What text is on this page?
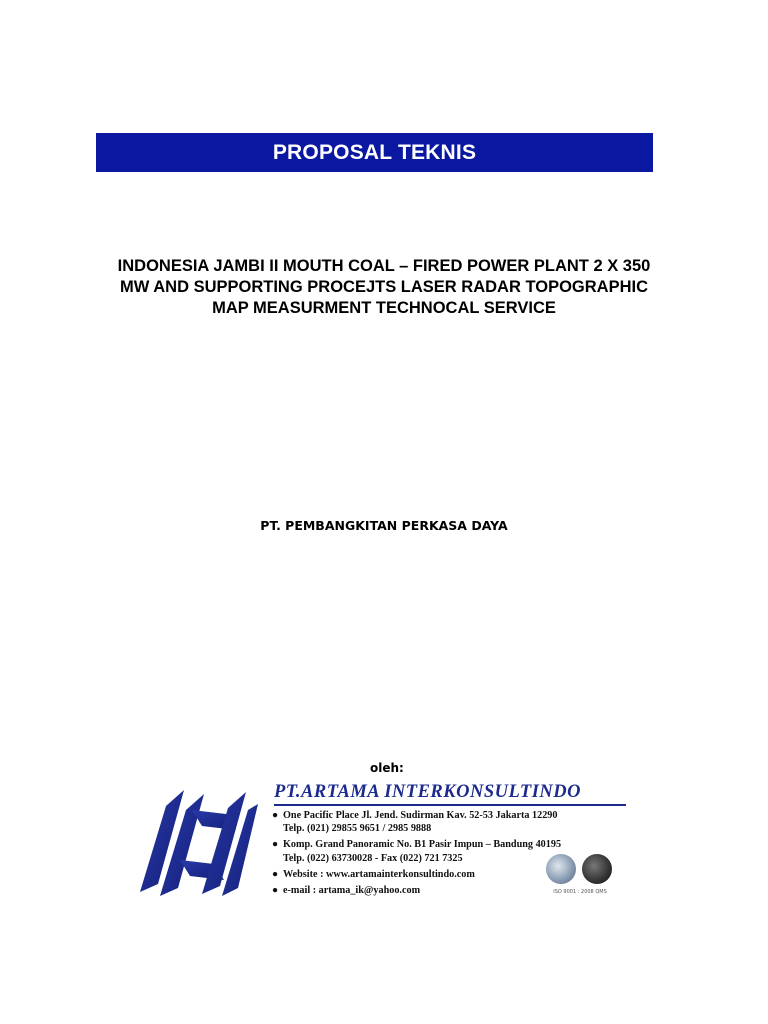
PROPOSAL TEKNIS
INDONESIA JAMBI II MOUTH COAL – FIRED POWER PLANT 2 X 350
MW AND SUPPORTING PROCEJTS LASER RADAR TOPOGRAPHIC
MAP MEASURMENT TECHNOCAL SERVICE
PT. PEMBANGKITAN PERKASA DAYA
oleh:
PT.ARTAMA INTERKONSULTINDO
● One Pacific Place Jl. Jend. Sudirman Kav. 52-53 Jakarta 12290
Telp. (021) 29855 9651 / 2985 9888
● Komp. Grand Panoramic No. B1 Pasir Impun – Bandung 40195
Telp. (022) 63730028 - Fax (022) 721 7325
● Website : www.artamainterkonsultindo.com
● e-mail : artama_ik@yahoo.com	ISO 9001 : 2008 QMS
